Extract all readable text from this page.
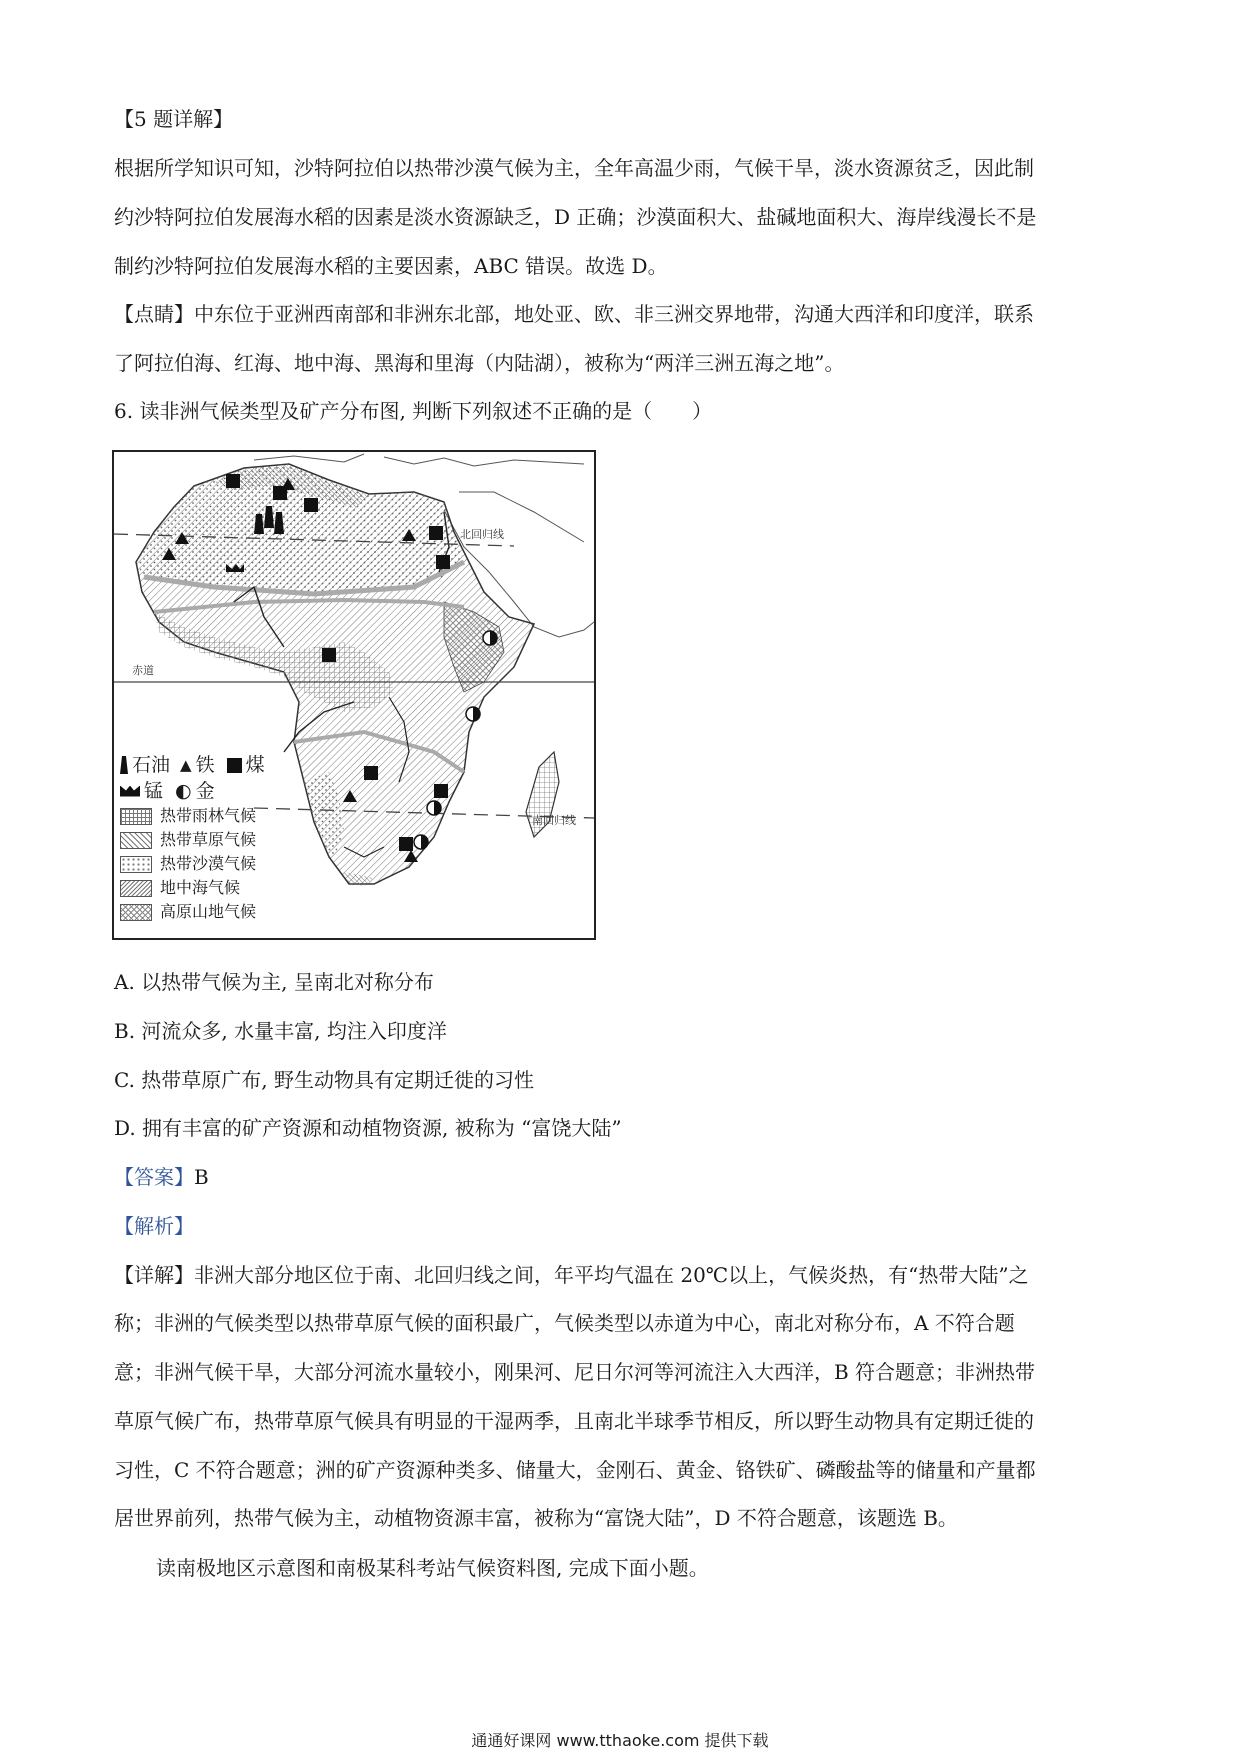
【5 题详解】
根据所学知识可知，沙特阿拉伯以热带沙漠气候为主，全年高温少雨，气候干旱，淡水资源贫乏，因此制
约沙特阿拉伯发展海水稻的因素是淡水资源缺乏，D 正确；沙漠面积大、盐碱地面积大、海岸线漫长不是
制约沙特阿拉伯发展海水稻的主要因素，ABC 错误。故选 D。
【点睛】中东位于亚洲西南部和非洲东北部，地处亚、欧、非三洲交界地带，沟通大西洋和印度洋，联系
了阿拉伯海、红海、地中海、黑海和里海（内陆湖），被称为“两洋三洲五海之地”。
6. 读非洲气候类型及矿产分布图, 判断下列叙述不正确的是（　　）
北回归线
赤道
南回归线
石油 ▲ 铁 煤
锰 ◐ 金
热带雨林气候
热带草原气候
热带沙漠气候
地中海气候
高原山地气候
A. 以热带气候为主, 呈南北对称分布
B. 河流众多, 水量丰富, 均注入印度洋
C. 热带草原广布, 野生动物具有定期迁徙的习性
D. 拥有丰富的矿产资源和动植物资源, 被称为 “富饶大陆”
【答案】B
【解析】
【详解】非洲大部分地区位于南、北回归线之间，年平均气温在 20℃以上，气候炎热，有“热带大陆”之
称；非洲的气候类型以热带草原气候的面积最广，气候类型以赤道为中心，南北对称分布，A 不符合题
意；非洲气候干旱，大部分河流水量较小，刚果河、尼日尔河等河流注入大西洋，B 符合题意；非洲热带
草原气候广布，热带草原气候具有明显的干湿两季，且南北半球季节相反，所以野生动物具有定期迁徙的
习性，C 不符合题意；洲的矿产资源种类多、储量大，金刚石、黄金、铬铁矿、磷酸盐等的储量和产量都
居世界前列，热带气候为主，动植物资源丰富，被称为“富饶大陆”，D 不符合题意，该题选 B。
读南极地区示意图和南极某科考站气候资料图, 完成下面小题。
通通好课网 www.tthaoke.com 提供下载
